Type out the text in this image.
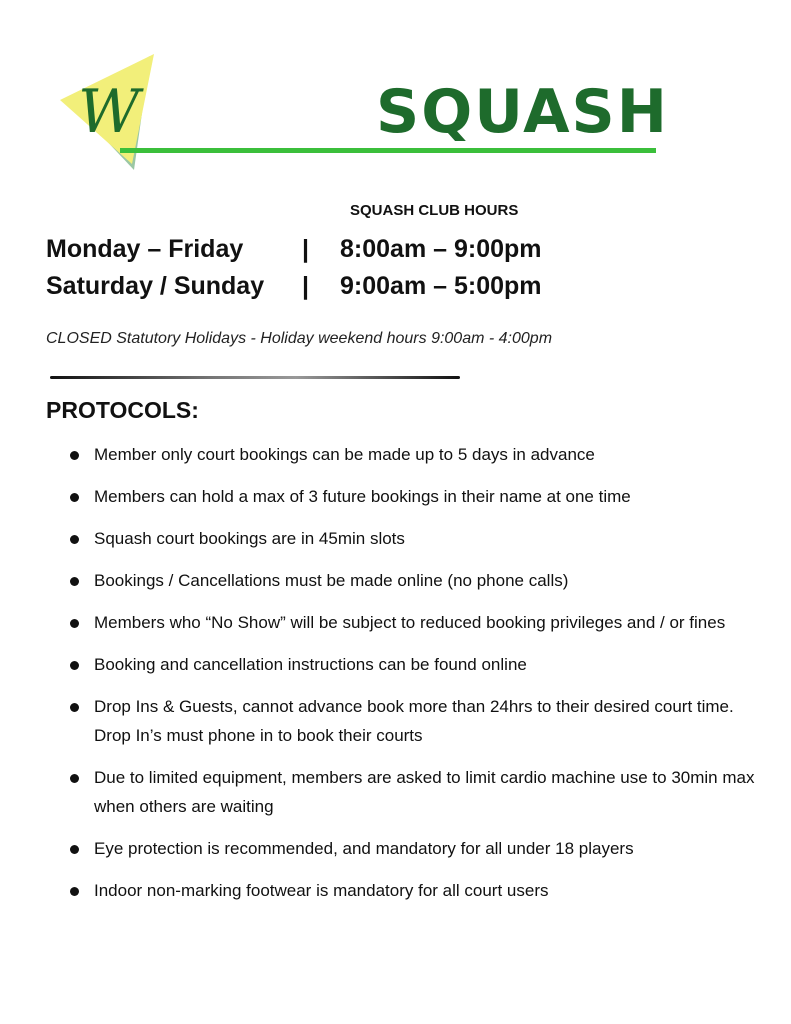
W	SQUASH
SQUASH CLUB HOURS
Monday – Friday | 8:00am – 9:00pm
Saturday / Sunday | 9:00am – 5:00pm
CLOSED Statutory Holidays - Holiday weekend hours 9:00am - 4:00pm
PROTOCOLS:
Member only court bookings can be made up to 5 days in advance
Members can hold a max of 3 future bookings in their name at one time
Squash court bookings are in 45min slots
Bookings / Cancellations must be made online (no phone calls)
Members who “No Show” will be subject to reduced booking privileges and / or fines
Booking and cancellation instructions can be found online
Drop Ins & Guests, cannot advance book more than 24hrs to their desired court time. Drop In’s must phone in to book their courts
Due to limited equipment, members are asked to limit cardio machine use to 30min max when others are waiting
Eye protection is recommended, and mandatory for all under 18 players
Indoor non-marking footwear is mandatory for all court users
